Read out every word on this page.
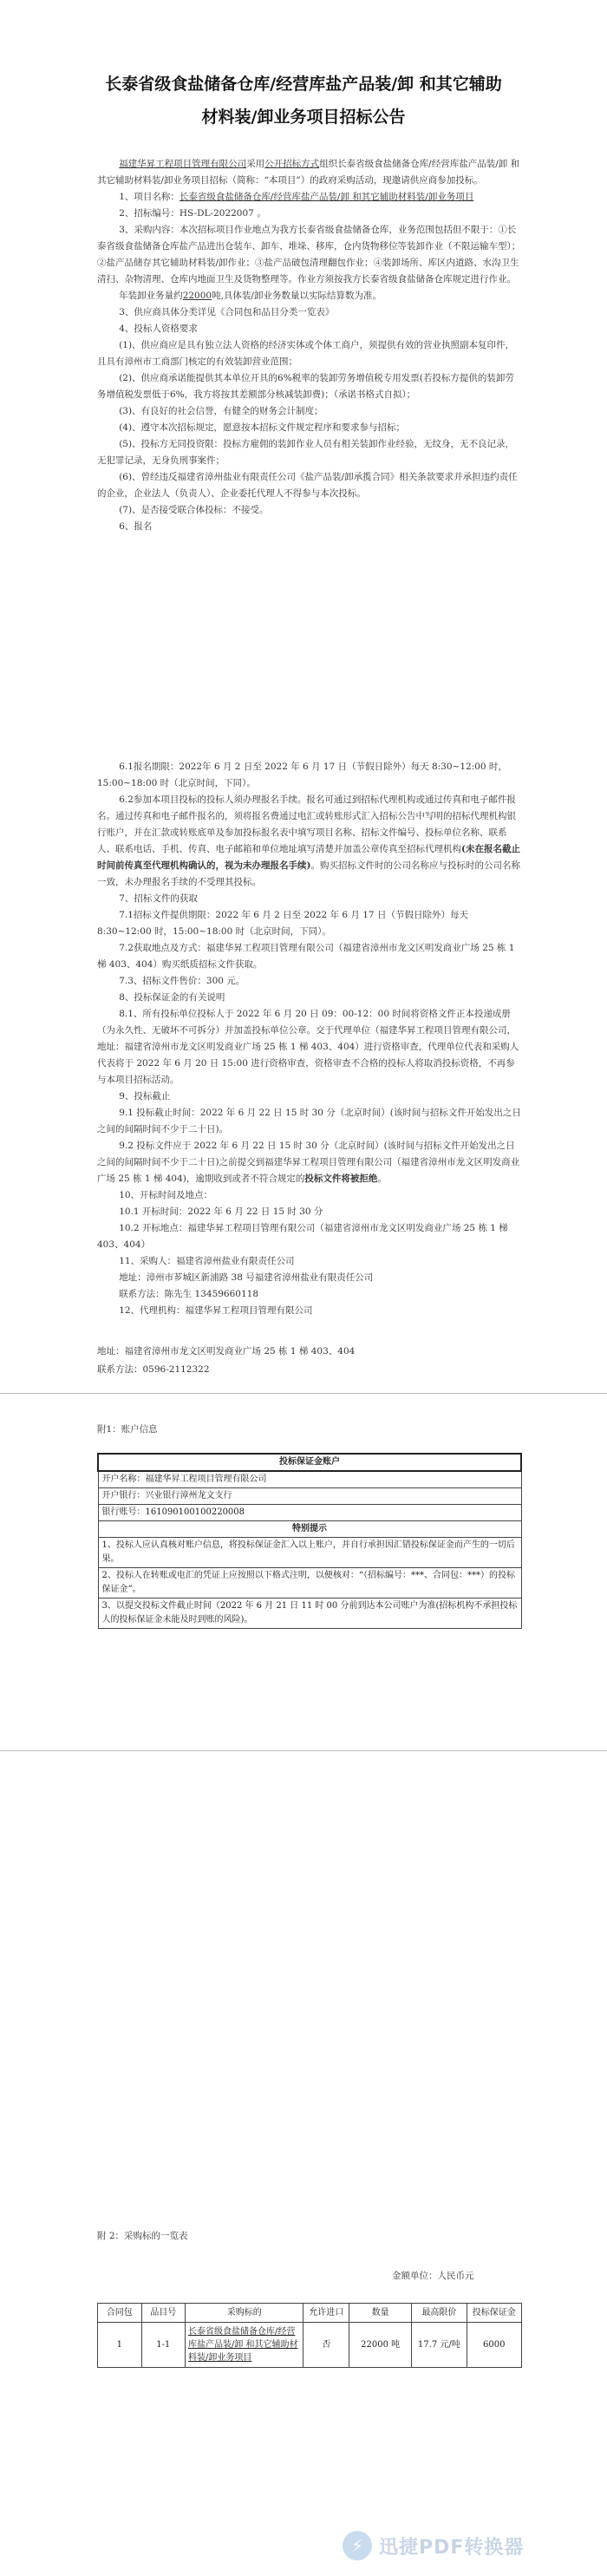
长泰省级食盐储备仓库/经营库盐产品装/卸 和其它辅助
材料装/卸业务项目招标公告

福建华昇工程项目管理有限公司采用公开招标方式组织长泰省级食盐储备仓库/经营库盐产品装/卸 和其它辅助材料装/卸业务项目招标（简称：“本项目”）的政府采购活动，现邀请供应商参加投标。

1、项目名称：长泰省级食盐储备仓库/经营库盐产品装/卸 和其它辅助材料装/卸业务项目

2、招标编号：HS-DL-2022007 。

3、采购内容：本次招标项目作业地点为我方长泰省级食盐储备仓库，业务范围包括但不限于：①长泰省级食盐储备仓库盐产品进出仓装车、卸车、堆垛、移库，仓内货物移位等装卸作业（不限运输车型）；②盐产品储存其它辅助材料装/卸作业；③盐产品破包清理翻包作业；④装卸场所、库区内道路、水沟卫生清扫、杂物清理、仓库内地面卫生及货物整理等。作业方须按我方长泰省级食盐储备仓库规定进行作业。

年装卸业务量约22000吨,具体装/卸业务数量以实际结算数为准。

3、供应商具体分类详见《合同包和品目分类一览表》

4、投标人资格要求

(1)、供应商应是具有独立法人资格的经济实体或个体工商户，须提供有效的营业执照副本复印件，且具有漳州市工商部门核定的有效装卸营业范围；

(2)、供应商承诺能提供其本单位开具的6%税率的装卸劳务增值税专用发票(若投标方提供的装卸劳务增值税发票低于6%，我方将按其差额部分核减装卸费)；（承诺书格式自拟）；

(3)、有良好的社会信誉，有健全的财务会计制度；

(4)、遵守本次招标规定，愿意按本招标文件规定程序和要求参与招标；

(5)、投标方无同投资限：投标方雇佣的装卸作业人员有相关装卸作业经验，无纹身，无不良记录，无犯罪记录，无身负刑事案件；

(6)、曾经违反福建省漳州盐业有限责任公司《盐产品装/卸承揽合同》相关条款要求并承担违约责任的企业，企业法人（负责人）、企业委托代理人不得参与本次投标。

(7)、是否接受联合体投标：不接受。

6、报名

6.1报名期限：2022年 6 月 2 日至 2022 年 6 月 17 日（节假日除外）每天 8:30~12:00 时，15:00~18:00 时（北京时间，下同）。

6.2参加本项目投标的投标人须办理报名手续。报名可通过到招标代理机构或通过传真和电子邮件报名。通过传真和电子邮件报名的，须将报名费通过电汇或转账形式汇入招标公告中写明的招标代理机构银行账户，并在汇款或转账底单及参加投标报名表中填写项目名称、招标文件编号、投标单位名称、联系人、联系电话、手机、传真、电子邮箱和单位地址填写清楚并加盖公章传真至招标代理机构(未在报名截止时间前传真至代理机构确认的，视为未办理报名手续)。购买招标文件时的公司名称应与投标时的公司名称一致，未办理报名手续的不受理其投标。

7、招标文件的获取

7.1招标文件提供期限：2022 年 6 月 2 日至 2022 年 6 月 17 日（节假日除外）每天 8:30~12:00 时，15:00~18:00 时（北京时间，下同）。

7.2获取地点及方式：福建华昇工程项目管理有限公司（福建省漳州市龙文区明发商业广场 25 栋 1 梯 403、404）购买纸质招标文件获取。

7.3、招标文件售价：300 元。

8、投标保证金的有关说明

8.1、所有投标单位投标人于 2022 年 6 月 20 日 09：00-12：00 时间将资格文件正本投递成册（为永久性、无破坏不可拆分）并加盖投标单位公章。交于代理单位（福建华昇工程项目管理有限公司，地址：福建省漳州市龙文区明发商业广场 25 栋 1 梯 403、404）进行资格审查，代理单位代表和采购人代表将于 2022 年 6 月 20 日 15:00 进行资格审查，资格审查不合格的投标人将取消投标资格，不再参与本项目招标活动。

9、投标截止

9.1 投标截止时间：2022 年 6 月 22 日 15 时 30 分（北京时间）(该时间与招标文件开始发出之日之间的间隔时间不少于二十日)。

9.2 投标文件应于 2022 年 6 月 22 日 15 时 30 分（北京时间）(该时间与招标文件开始发出之日之间的间隔时间不少于二十日)之前提交到福建华昇工程项目管理有限公司（福建省漳州市龙文区明发商业广场 25 栋 1 梯 404)，逾期收到或者不符合规定的投标文件将被拒绝。

10、开标时间及地点：

10.1 开标时间：2022 年 6 月 22 日 15 时 30 分

10.2 开标地点：福建华昇工程项目管理有限公司（福建省漳州市龙文区明发商业广场 25 栋 1 梯 403、404）

11、采购人：福建省漳州盐业有限责任公司

地址：漳州市芗城区新浦路 38 号福建省漳州盐业有限责任公司

联系方法：陈先生 13459660118

12、代理机构：福建华昇工程项目管理有限公司

地址：福建省漳州市龙文区明发商业广场 25 栋 1 梯 403、404

联系方法：0596-2112322

附1：账户信息
投标保证金账户
开户名称：福建华昇工程项目管理有限公司
开户银行：兴业银行漳州龙文支行
银行账号：161090100100220008
特别提示
1、投标人应认真核对账户信息，将投标保证金汇入以上账户，并自行承担因汇错投标保证金而产生的一切后果。
2、投标人在转账或电汇的凭证上应按照以下格式注明，以便核对：“（招标编号：***、合同包：***）的投标保证金”。
3、以提交投标文件截止时间（2022 年 6 月 21 日 11 时 00 分前到达本公司账户为准(招标机构不承担投标人的投标保证金未能及时到账的风险)。
附 2：采购标的一览表
金额单位：人民币元
合同包	品目号	采购标的	允许进口	数量	最高限价	投标保证金
1	1-1	长泰省级食盐储备仓库/经营库盐产品装/卸 和其它辅助材料装/卸业务项目	否	22000 吨	17.7 元/吨	6000
⚡ 迅捷PDF转换器
